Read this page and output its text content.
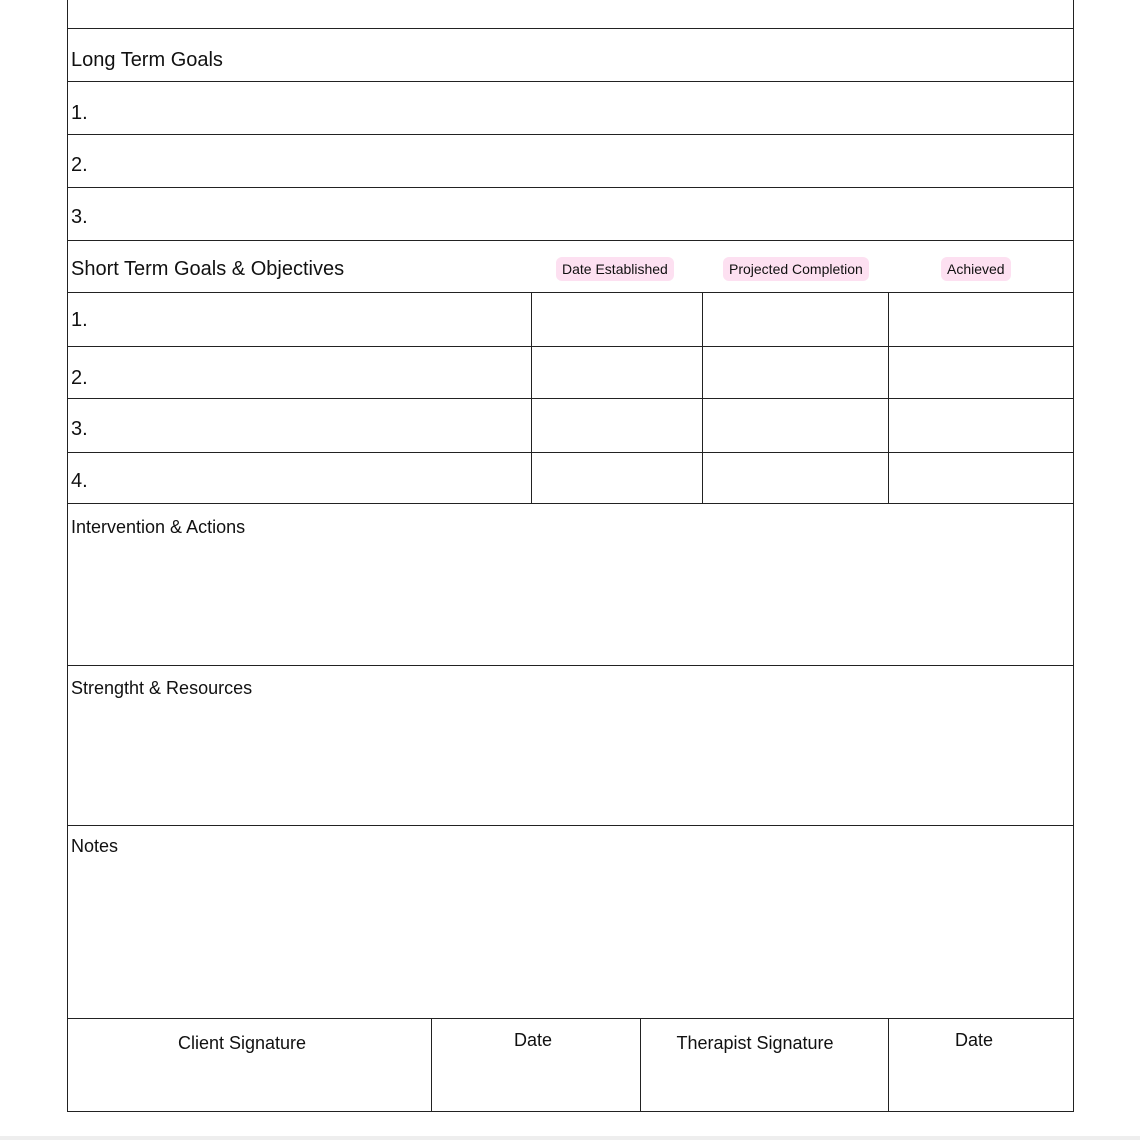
Long Term Goals
1.
2.
3.
Short Term Goals & Objectives	Date Established	Projected Completion	Achieved
1.
2.
3.
4.
Intervention & Actions
Strengtht & Resources
Notes
Client Signature	Date	Therapist Signature	Date
